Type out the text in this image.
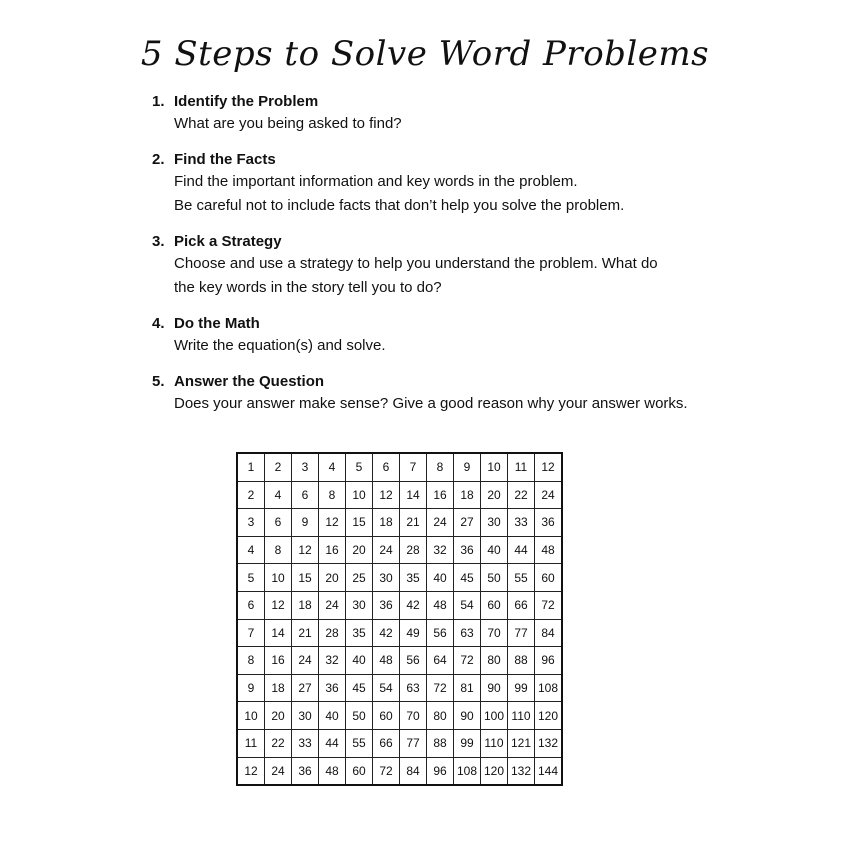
5 Steps to Solve Word Problems
1. Identify the Problem
What are you being asked to find?
2. Find the Facts
Find the important information and key words in the problem.
Be careful not to include facts that don’t help you solve the problem.
3. Pick a Strategy
Choose and use a strategy to help you understand the problem. What do
the key words in the story tell you to do?
4. Do the Math
Write the equation(s) and solve.
5. Answer the Question
Does your answer make sense? Give a good reason why your answer works.
1	2	3	4	5	6	7	8	9	10	11	12
2	4	6	8	10	12	14	16	18	20	22	24
3	6	9	12	15	18	21	24	27	30	33	36
4	8	12	16	20	24	28	32	36	40	44	48
5	10	15	20	25	30	35	40	45	50	55	60
6	12	18	24	30	36	42	48	54	60	66	72
7	14	21	28	35	42	49	56	63	70	77	84
8	16	24	32	40	48	56	64	72	80	88	96
9	18	27	36	45	54	63	72	81	90	99	108
10	20	30	40	50	60	70	80	90	100	110	120
11	22	33	44	55	66	77	88	99	110	121	132
12	24	36	48	60	72	84	96	108	120	132	144
